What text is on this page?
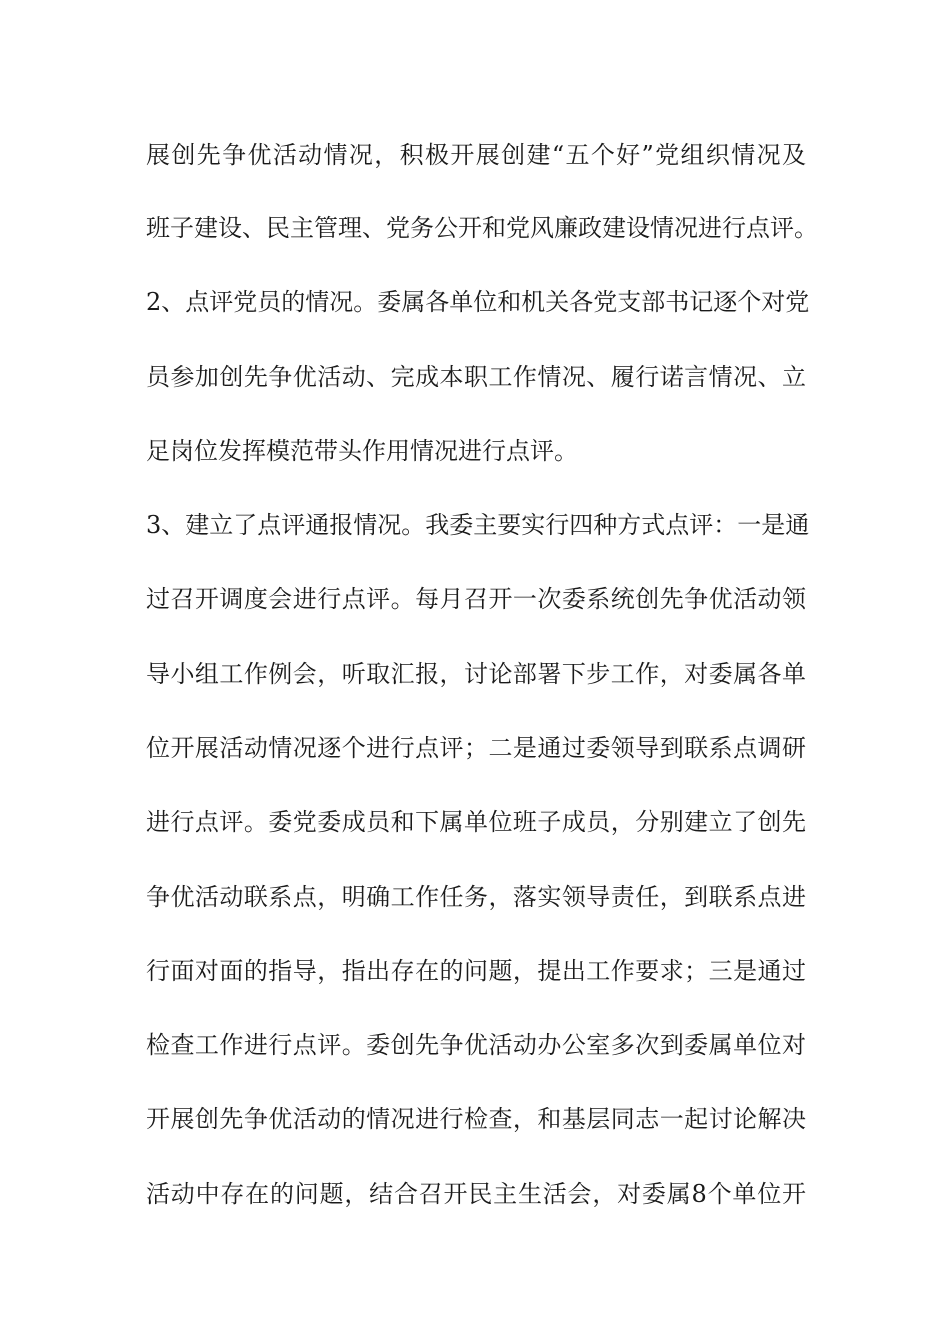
展创先争优活动情况，积极开展创建“五个好”党组织情况及
班子建设、民主管理、党务公开和党风廉政建设情况进行点评。
2、点评党员的情况。委属各单位和机关各党支部书记逐个对党
员参加创先争优活动、完成本职工作情况、履行诺言情况、立
足岗位发挥模范带头作用情况进行点评。
3、建立了点评通报情况。我委主要实行四种方式点评：一是通
过召开调度会进行点评。每月召开一次委系统创先争优活动领
导小组工作例会，听取汇报，讨论部署下步工作，对委属各单
位开展活动情况逐个进行点评；二是通过委领导到联系点调研
进行点评。委党委成员和下属单位班子成员，分别建立了创先
争优活动联系点，明确工作任务，落实领导责任，到联系点进
行面对面的指导，指出存在的问题，提出工作要求；三是通过
检查工作进行点评。委创先争优活动办公室多次到委属单位对
开展创先争优活动的情况进行检查，和基层同志一起讨论解决
活动中存在的问题，结合召开民主生活会，对委属8个单位开
